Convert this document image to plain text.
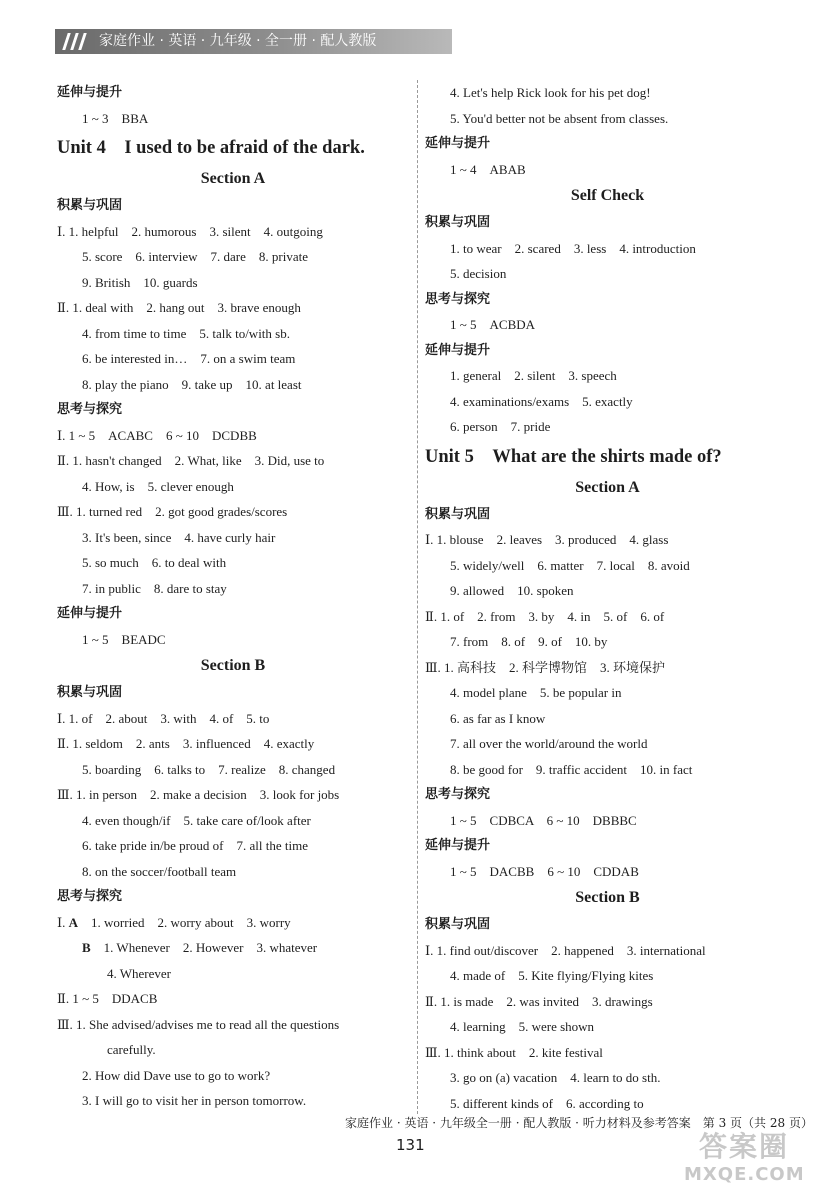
家庭作业 · 英语 · 九年级 · 全一册 · 配人教版
延伸与提升
1 ~ 3　BBA
Unit 4　I used to be afraid of the dark.
Section A
积累与巩固
Ⅰ. 1. helpful　2. humorous　3. silent　4. outgoing
5. score　6. interview　7. dare　8. private
9. British　10. guards
Ⅱ. 1. deal with　2. hang out　3. brave enough
4. from time to time　5. talk to/with sb.
6. be interested in…　7. on a swim team
8. play the piano　9. take up　10. at least
思考与探究
Ⅰ. 1 ~ 5　ACABC　6 ~ 10　DCDBB
Ⅱ. 1. hasn't changed　2. What, like　3. Did, use to
4. How, is　5. clever enough
Ⅲ. 1. turned red　2. got good grades/scores
3. It's been, since　4. have curly hair
5. so much　6. to deal with
7. in public　8. dare to stay
延伸与提升
1 ~ 5　BEADC
Section B
积累与巩固
Ⅰ. 1. of　2. about　3. with　4. of　5. to
Ⅱ. 1. seldom　2. ants　3. influenced　4. exactly
5. boarding　6. talks to　7. realize　8. changed
Ⅲ. 1. in person　2. make a decision　3. look for jobs
4. even though/if　5. take care of/look after
6. take pride in/be proud of　7. all the time
8. on the soccer/football team
思考与探究
Ⅰ. A　1. worried　2. worry about　3. worry
B　1. Whenever　2. However　3. whatever
4. Wherever
Ⅱ. 1 ~ 5　DDACB
Ⅲ. 1. She advised/advises me to read all the questions
carefully.
2. How did Dave use to go to work?
3. I will go to visit her in person tomorrow.
4. Let's help Rick look for his pet dog!
5. You'd better not be absent from classes.
延伸与提升
1 ~ 4　ABAB
Self Check
积累与巩固
1. to wear　2. scared　3. less　4. introduction
5. decision
思考与探究
1 ~ 5　ACBDA
延伸与提升
1. general　2. silent　3. speech
4. examinations/exams　5. exactly
6. person　7. pride
Unit 5　What are the shirts made of?
Section A
积累与巩固
Ⅰ. 1. blouse　2. leaves　3. produced　4. glass
5. widely/well　6. matter　7. local　8. avoid
9. allowed　10. spoken
Ⅱ. 1. of　2. from　3. by　4. in　5. of　6. of
7. from　8. of　9. of　10. by
Ⅲ. 1. 高科技　2. 科学博物馆　3. 环境保护
4. model plane　5. be popular in
6. as far as I know
7. all over the world/around the world
8. be good for　9. traffic accident　10. in fact
思考与探究
1 ~ 5　CDBCA　6 ~ 10　DBBBC
延伸与提升
1 ~ 5　DACBB　6 ~ 10　CDDAB
Section B
积累与巩固
Ⅰ. 1. find out/discover　2. happened　3. international
4. made of　5. Kite flying/Flying kites
Ⅱ. 1. is made　2. was invited　3. drawings
4. learning　5. were shown
Ⅲ. 1. think about　2. kite festival
3. go on (a) vacation　4. learn to do sth.
5. different kinds of　6. according to
家庭作业 · 英语 · 九年级全一册 · 配人教版 · 听力材料及参考答案　第 3 页（共 28 页）
131	答案圈
MXQE.COM
